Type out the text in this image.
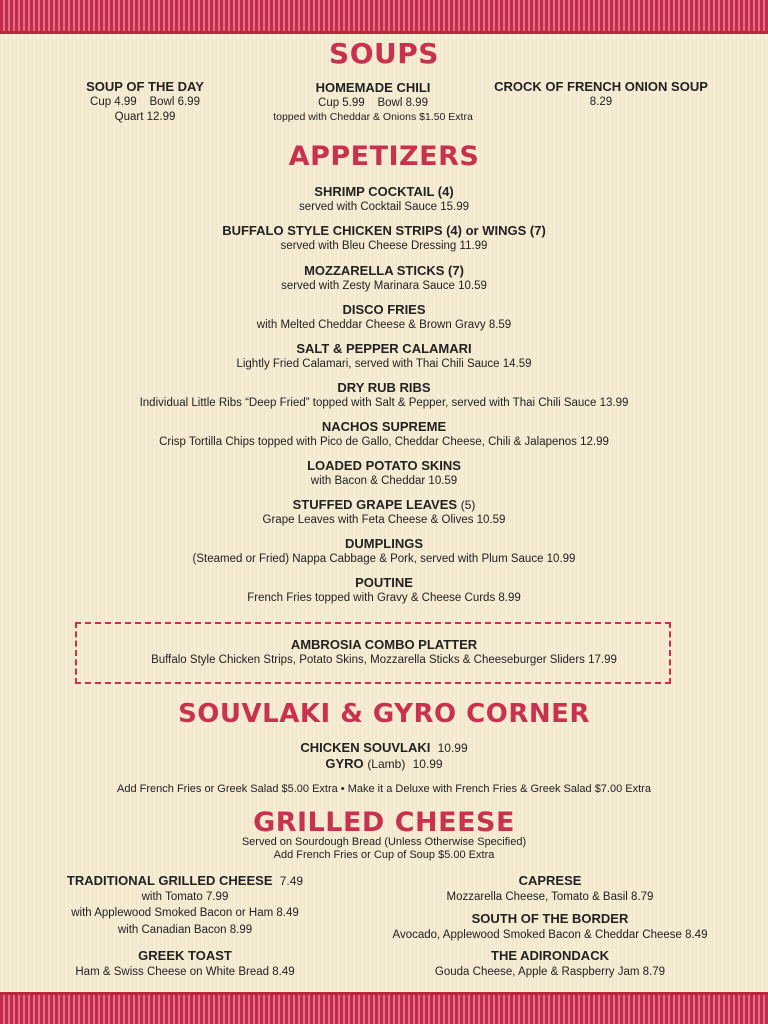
SOUPS
SOUP OF THE DAY
Cup 4.99    Bowl 6.99
Quart 12.99
HOMEMADE CHILI
Cup 5.99    Bowl 8.99
topped with Cheddar & Onions $1.50 Extra
CROCK OF FRENCH ONION SOUP
8.29
APPETIZERS
SHRIMP COCKTAIL (4)
served with Cocktail Sauce 15.99
BUFFALO STYLE CHICKEN STRIPS (4) or WINGS (7)
served with Bleu Cheese Dressing 11.99
MOZZARELLA STICKS (7)
served with Zesty Marinara Sauce 10.59
DISCO FRIES
with Melted Cheddar Cheese & Brown Gravy 8.59
SALT & PEPPER CALAMARI
Lightly Fried Calamari, served with Thai Chili Sauce 14.59
DRY RUB RIBS
Individual Little Ribs “Deep Fried” topped with Salt & Pepper, served with Thai Chili Sauce 13.99
NACHOS SUPREME
Crisp Tortilla Chips topped with Pico de Gallo, Cheddar Cheese, Chili & Jalapenos 12.99
LOADED POTATO SKINS
with Bacon & Cheddar 10.59
STUFFED GRAPE LEAVES (5)
Grape Leaves with Feta Cheese & Olives 10.59
DUMPLINGS
(Steamed or Fried) Nappa Cabbage & Pork, served with Plum Sauce 10.99
POUTINE
French Fries topped with Gravy & Cheese Curds 8.99
AMBROSIA COMBO PLATTER
Buffalo Style Chicken Strips, Potato Skins, Mozzarella Sticks & Cheeseburger Sliders 17.99
SOUVLAKI & GYRO CORNER
CHICKEN SOUVLAKI 10.99
GYRO (Lamb) 10.99
Add French Fries or Greek Salad $5.00 Extra • Make it a Deluxe with French Fries & Greek Salad $7.00 Extra
GRILLED CHEESE
Served on Sourdough Bread (Unless Otherwise Specified)
Add French Fries or Cup of Soup $5.00 Extra
TRADITIONAL GRILLED CHEESE 7.49
with Tomato 7.99
with Applewood Smoked Bacon or Ham 8.49
with Canadian Bacon 8.99
GREEK TOAST
Ham & Swiss Cheese on White Bread 8.49
CAPRESE
Mozzarella Cheese, Tomato & Basil 8.79
SOUTH OF THE BORDER
Avocado, Applewood Smoked Bacon & Cheddar Cheese 8.49
THE ADIRONDACK
Gouda Cheese, Apple & Raspberry Jam 8.79
